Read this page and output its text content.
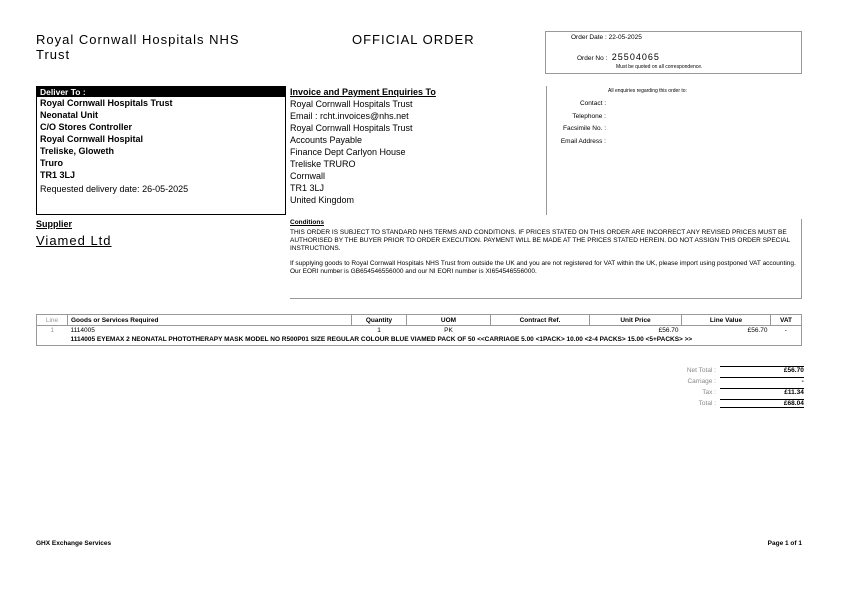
Royal Cornwall Hospitals NHS
Trust
OFFICIAL ORDER	Order Date : 22-05-2025
Order No : 25504065
Must be quoted on all correspondence.
Deliver To :
Royal Cornwall Hospitals Trust
Neonatal Unit
C/O Stores Controller
Royal Cornwall Hospital
Treliske, Gloweth
Truro
TR1 3LJ
Requested delivery date: 26-05-2025
Invoice and Payment Enquiries To
Royal Cornwall Hospitals Trust
Email : rcht.invoices@nhs.net
Royal Cornwall Hospitals Trust
Accounts Payable
Finance Dept Carlyon House
Treliske TRURO
Cornwall
TR1 3LJ
United Kingdom
All enquiries regarding this order to:
Contact :
Telephone :
Facsimile No. :
Email Address :
Supplier
Viamed Ltd
Conditions
THIS ORDER IS SUBJECT TO STANDARD NHS TERMS AND CONDITIONS. IF PRICES STATED ON THIS ORDER ARE INCORRECT ANY REVISED PRICES MUST BE AUTHORISED BY THE BUYER PRIOR TO ORDER EXECUTION. PAYMENT WILL BE MADE AT THE PRICES STATED HEREIN. DO NOT ASSIGN THIS ORDER SPECIAL INSTRUCTIONS.
If supplying goods to Royal Cornwall Hospitals NHS Trust from outside the UK and you are not registered for VAT within the UK, please import using postponed VAT accounting. Our EORI number is GB654546556000 and our NI EORI number is XI654546556000.
Line	Goods or Services Required	Quantity	UOM	Contract Ref.	Unit Price	Line Value	VAT
1	1114005	1	PK		£56.70	£56.70	-
	1114005 EYEMAX 2 NEONATAL PHOTOTHERAPY MASK MODEL NO R500P01 SIZE REGULAR COLOUR BLUE VIAMED PACK OF 50 <<CARRIAGE 5.00 <1PACK> 10.00 <2-4 PACKS> 15.00 <5+PACKS> >>						
Net Total :	£56.70
Carriage :	-
Tax :	£11.34
Total :	£68.04
GHX Exchange Services	Page 1 of 1
